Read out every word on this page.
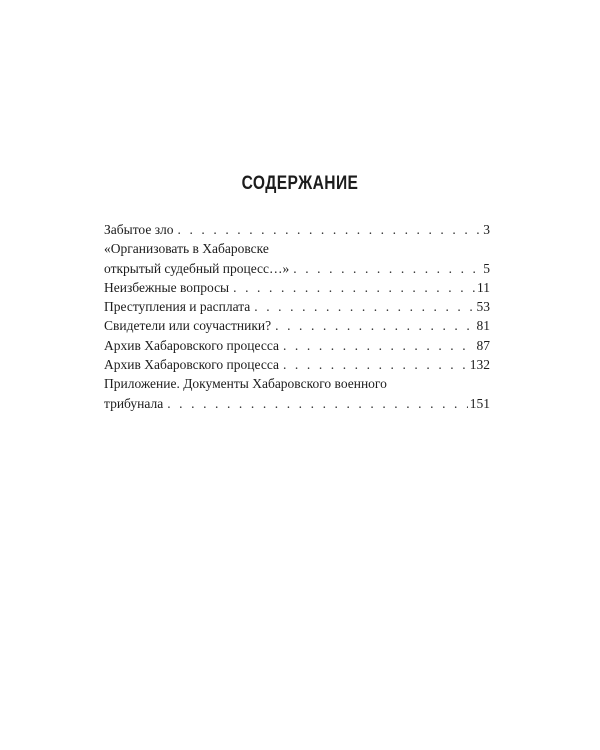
СОДЕРЖАНИЕ
Забытое зло . . .	3
«Организовать в Хабаровске
открытый судебный процесс…» . . .	5
Неизбежные вопросы . . .	11
Преступления и расплата . . .	53
Свидетели или соучастники? . . .	81
Архив Хабаровского процесса . . .	87
Архив Хабаровского процесса . . .	132
Приложение. Документы Хабаровского военного
трибунала . . .	151
